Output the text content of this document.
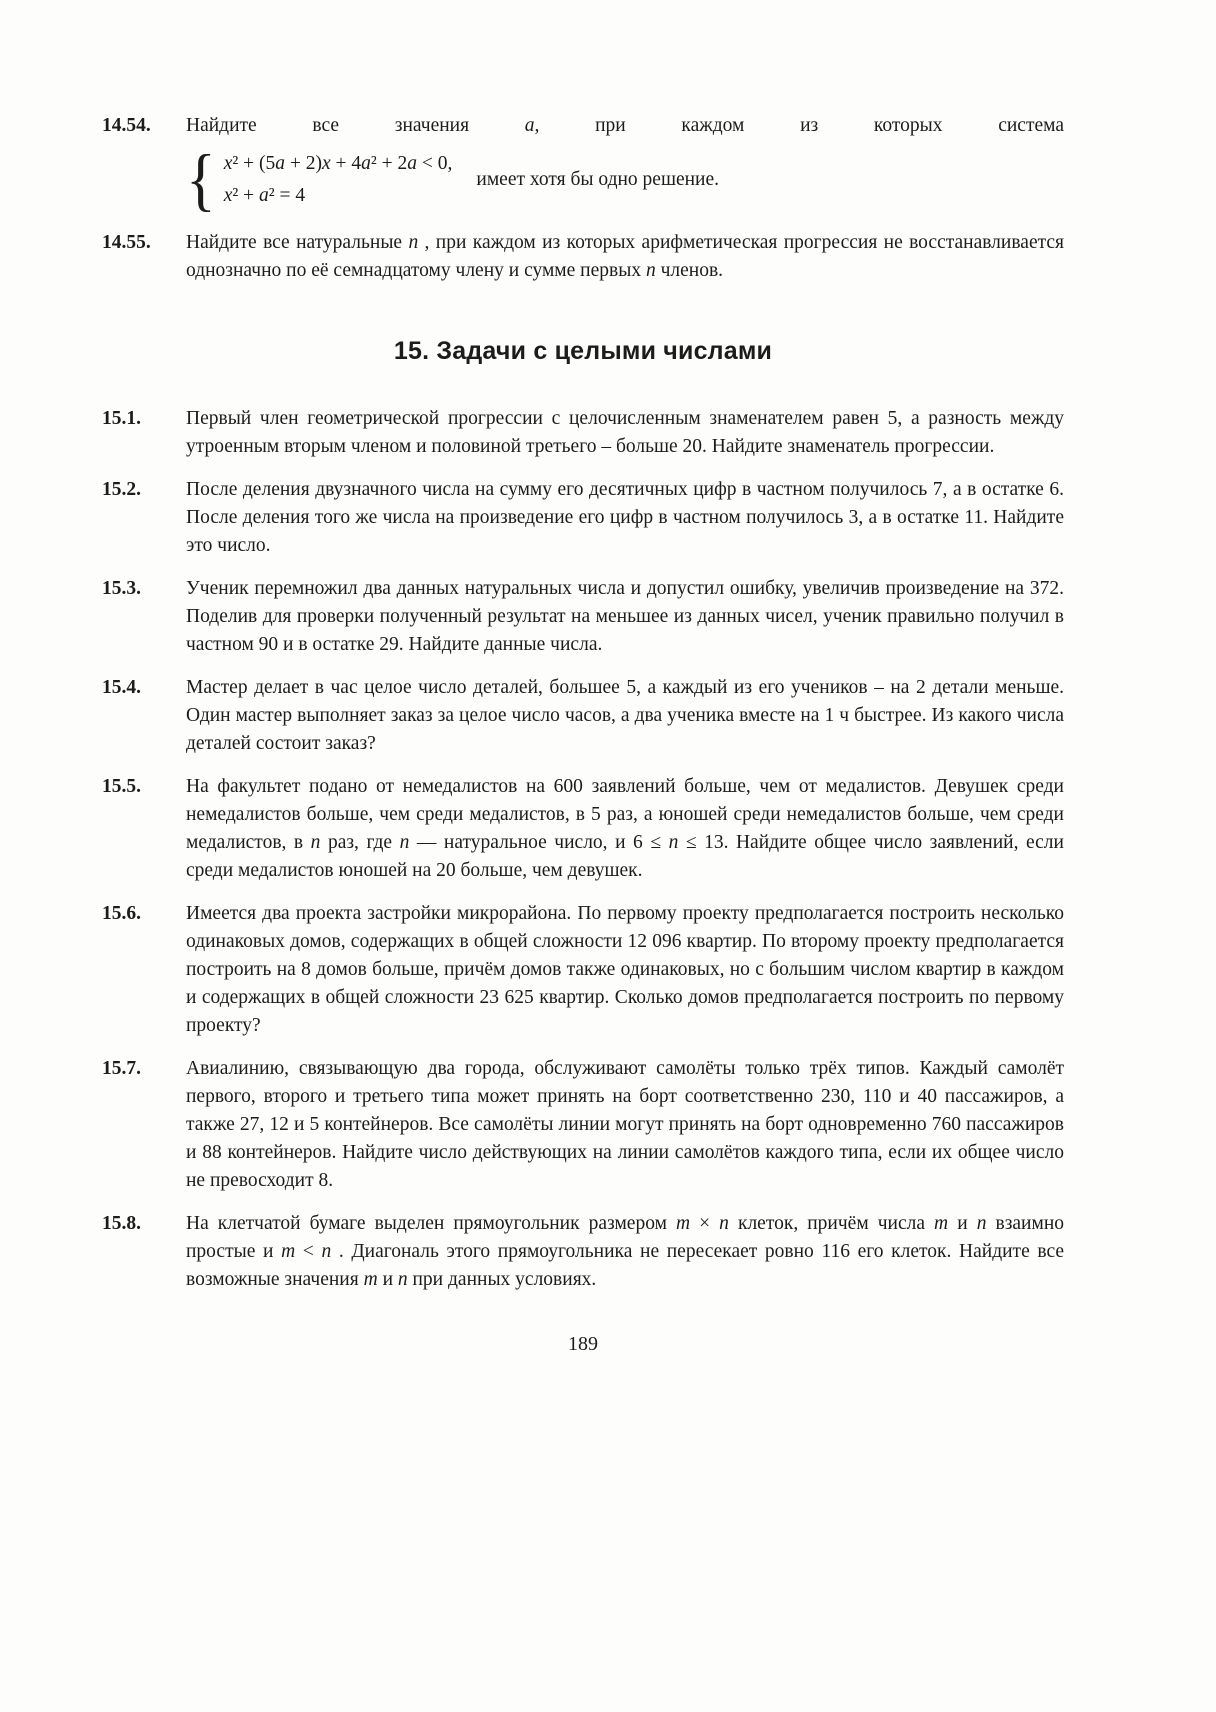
14.54.	Найдите все значения a, при каждом из которых система
{ x² + (5a + 2)x + 4a² + 2a < 0,
x² + a² = 4
имеет хотя бы одно решение.
14.55.	Найдите все натуральные n , при каждом из которых арифметическая прогрессия не восстанавливается однозначно по её семнадцатому члену и сумме первых n членов.
15. Задачи с целыми числами
15.1.	Первый член геометрической прогрессии с целочисленным знаменателем равен 5, а разность между утроенным вторым членом и половиной третьего – больше 20. Найдите знаменатель прогрессии.
15.2.	После деления двузначного числа на сумму его десятичных цифр в частном получилось 7, а в остатке 6. После деления того же числа на произведение его цифр в частном получилось 3, а в остатке 11. Найдите это число.
15.3.	Ученик перемножил два данных натуральных числа и допустил ошибку, увеличив произведение на 372. Поделив для проверки полученный результат на меньшее из данных чисел, ученик правильно получил в частном 90 и в остатке 29. Найдите данные числа.
15.4.	Мастер делает в час целое число деталей, большее 5, а каждый из его учеников – на 2 детали меньше. Один мастер выполняет заказ за целое число часов, а два ученика вместе на 1 ч быстрее. Из какого числа деталей состоит заказ?
15.5.	На факультет подано от немедалистов на 600 заявлений больше, чем от медалистов. Девушек среди немедалистов больше, чем среди медалистов, в 5 раз, а юношей среди немедалистов больше, чем среди медалистов, в n раз, где n — натуральное число, и 6 ≤ n ≤ 13. Найдите общее число заявлений, если среди медалистов юношей на 20 больше, чем девушек.
15.6.	Имеется два проекта застройки микрорайона. По первому проекту предполагается построить несколько одинаковых домов, содержащих в общей сложности 12 096 квартир. По второму проекту предполагается построить на 8 домов больше, причём домов также одинаковых, но с большим числом квартир в каждом и содержащих в общей сложности 23 625 квартир. Сколько домов предполагается построить по первому проекту?
15.7.	Авиалинию, связывающую два города, обслуживают самолёты только трёх типов. Каждый самолёт первого, второго и третьего типа может принять на борт соответственно 230, 110 и 40 пассажиров, а также 27, 12 и 5 контейнеров. Все самолёты линии могут принять на борт одновременно 760 пассажиров и 88 контейнеров. Найдите число действующих на линии самолётов каждого типа, если их общее число не превосходит 8.
15.8.	На клетчатой бумаге выделен прямоугольник размером m × n клеток, причём числа m и n взаимно простые и m < n . Диагональ этого прямоугольника не пересекает ровно 116 его клеток. Найдите все возможные значения m и n при данных условиях.
189
